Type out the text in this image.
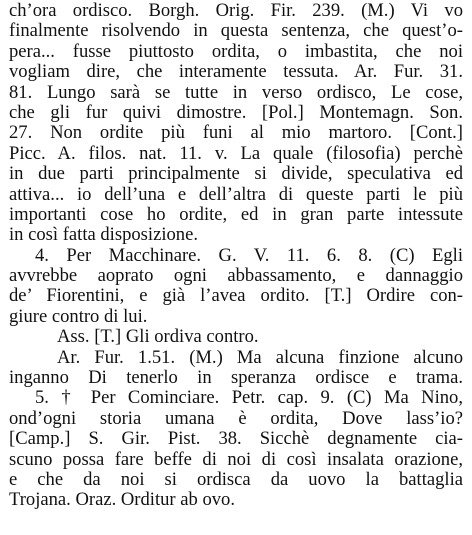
ch’ora ordisco. Borgh. Orig. Fir. 239. (M.) Vi vo
finalmente risolvendo in questa sentenza, che quest’o-
pera... fusse piuttosto ordita, o imbastita, che noi
vogliam dire, che interamente tessuta. Ar. Fur. 31.
81. Lungo sarà se tutte in verso ordisco, Le cose,
che gli fur quivi dimostre. [Pol.] Montemagn. Son.
27. Non ordite più funi al mio martoro. [Cont.]
Picc. A. filos. nat. 11. v. La quale (filosofia) perchè
in due parti principalmente si divide, speculativa ed
attiva... io dell’una e dell’altra di queste parti le più
importanti cose ho ordite, ed in gran parte intessute
in così fatta disposizione.
4. Per Macchinare. G. V. 11. 6. 8. (C) Egli
avvrebbe aoprato ogni abbassamento, e dannaggio
de’ Fiorentini, e già l’avea ordito. [T.] Ordire con-
giure contro di lui.
Ass. [T.] Gli ordiva contro.
Ar. Fur. 1.51. (M.) Ma alcuna finzione alcuno
inganno Di tenerlo in speranza ordisce e trama.
5. † Per Cominciare. Petr. cap. 9. (C) Ma Nino,
ond’ogni storia umana è ordita, Dove lass’io?
[Camp.] S. Gir. Pist. 38. Sicchè degnamente cia-
scuno possa fare beffe di noi di così insalata orazione,
e che da noi si ordisca da uovo la battaglia
Trojana. Oraz. Orditur ab ovo.
